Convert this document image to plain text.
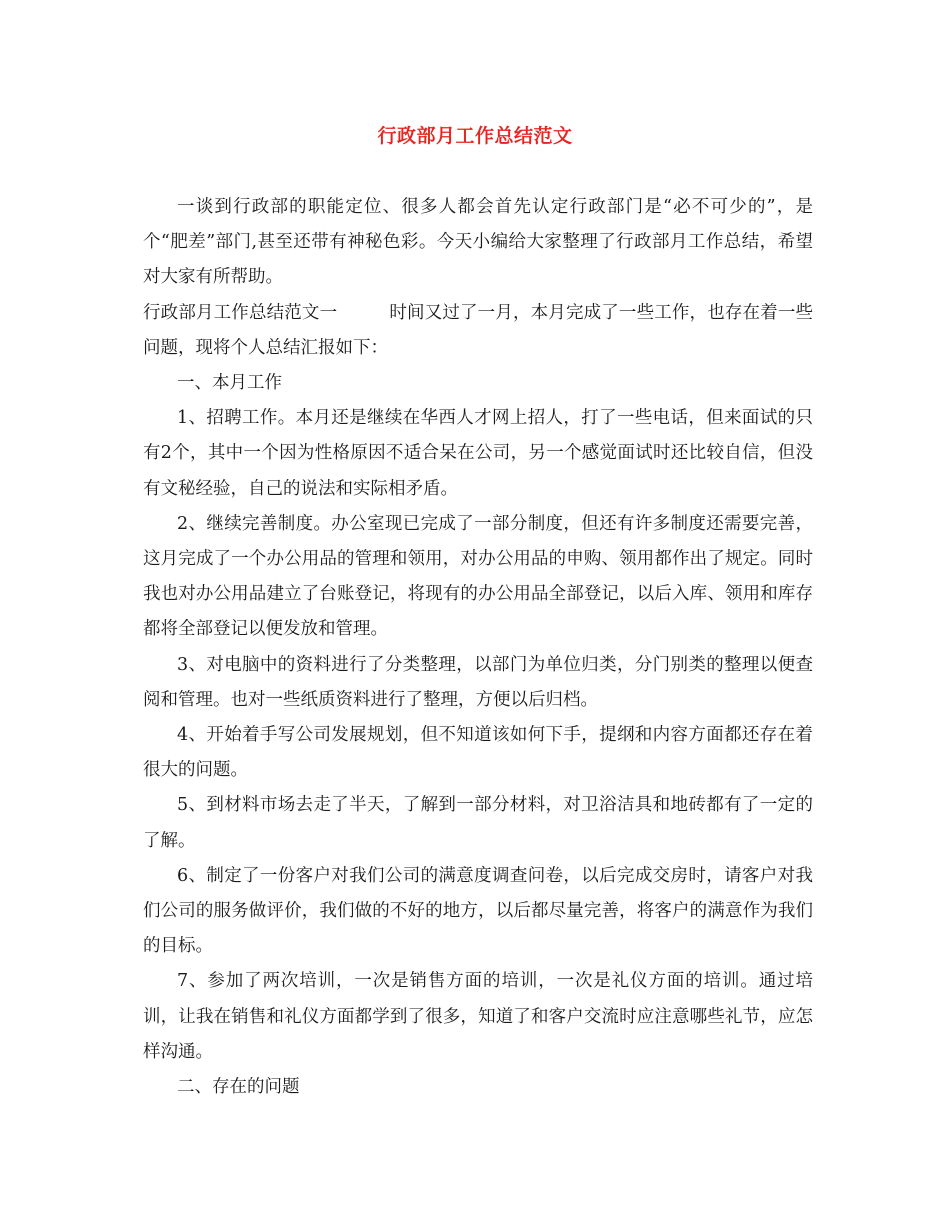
行政部月工作总结范文

一谈到行政部的职能定位、很多人都会首先认定行政部门是“必不可少的”，是个“肥差”部门,甚至还带有神秘色彩。今天小编给大家整理了行政部月工作总结，希望对大家有所帮助。

行政部月工作总结范文一	时间又过了一月，本月完成了一些工作，也存在着一些问题，现将个人总结汇报如下：

一、本月工作

1、招聘工作。本月还是继续在华西人才网上招人，打了一些电话，但来面试的只有2个，其中一个因为性格原因不适合呆在公司，另一个感觉面试时还比较自信，但没有文秘经验，自己的说法和实际相矛盾。

2、继续完善制度。办公室现已完成了一部分制度，但还有许多制度还需要完善，这月完成了一个办公用品的管理和领用，对办公用品的申购、领用都作出了规定。同时我也对办公用品建立了台账登记，将现有的办公用品全部登记，以后入库、领用和库存都将全部登记以便发放和管理。

3、对电脑中的资料进行了分类整理，以部门为单位归类，分门别类的整理以便查阅和管理。也对一些纸质资料进行了整理，方便以后归档。

4、开始着手写公司发展规划，但不知道该如何下手，提纲和内容方面都还存在着很大的问题。

5、到材料市场去走了半天，了解到一部分材料，对卫浴洁具和地砖都有了一定的了解。

6、制定了一份客户对我们公司的满意度调查问卷，以后完成交房时，请客户对我们公司的服务做评价，我们做的不好的地方，以后都尽量完善，将客户的满意作为我们的目标。

7、参加了两次培训，一次是销售方面的培训，一次是礼仪方面的培训。通过培训，让我在销售和礼仪方面都学到了很多，知道了和客户交流时应注意哪些礼节，应怎样沟通。

二、存在的问题
